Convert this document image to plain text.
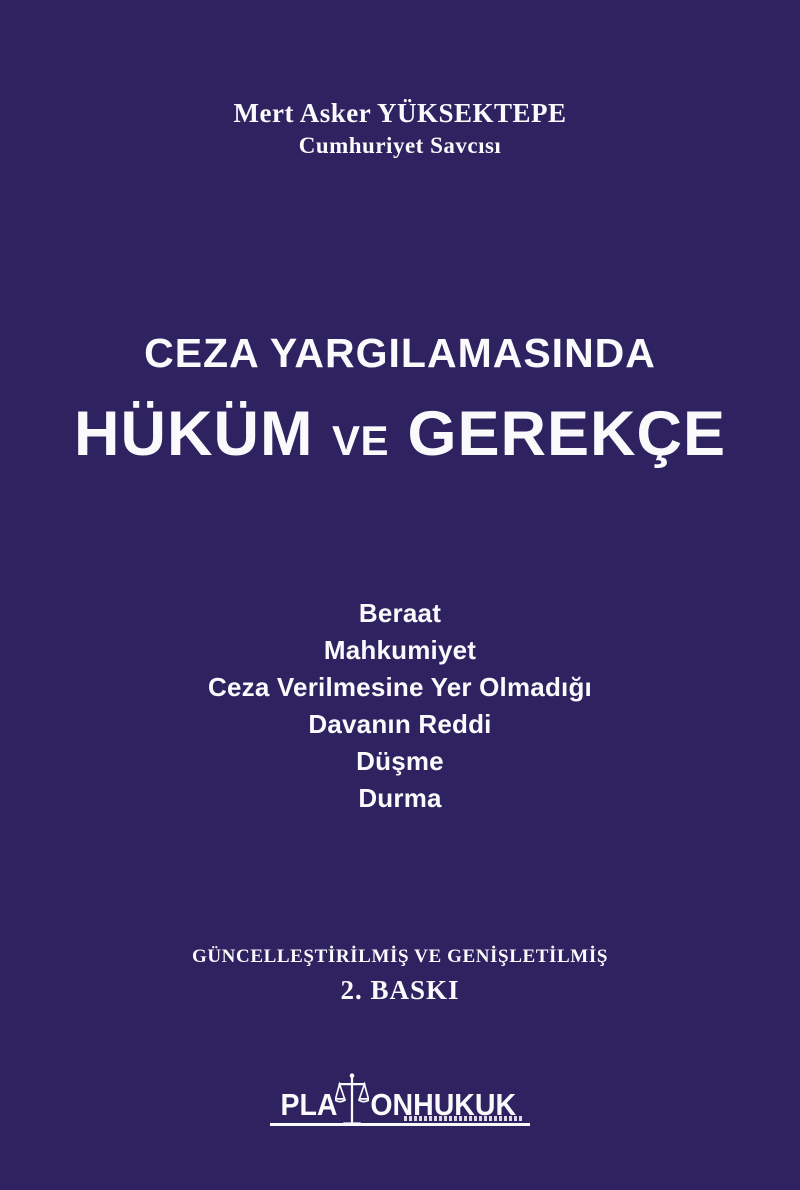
Mert Asker YÜKSEKTEPE
Cumhuriyet Savcısı
CEZA YARGILAMASINDA
HÜKÜM VE GEREKÇE
Beraat
Mahkumiyet
Ceza Verilmesine Yer Olmadığı
Davanın Reddi
Düşme
Durma
GÜNCELLEŞTİRİLMİŞ VE GENİŞLETİLMİŞ
2. BASKI
PLA ONHUKUK
